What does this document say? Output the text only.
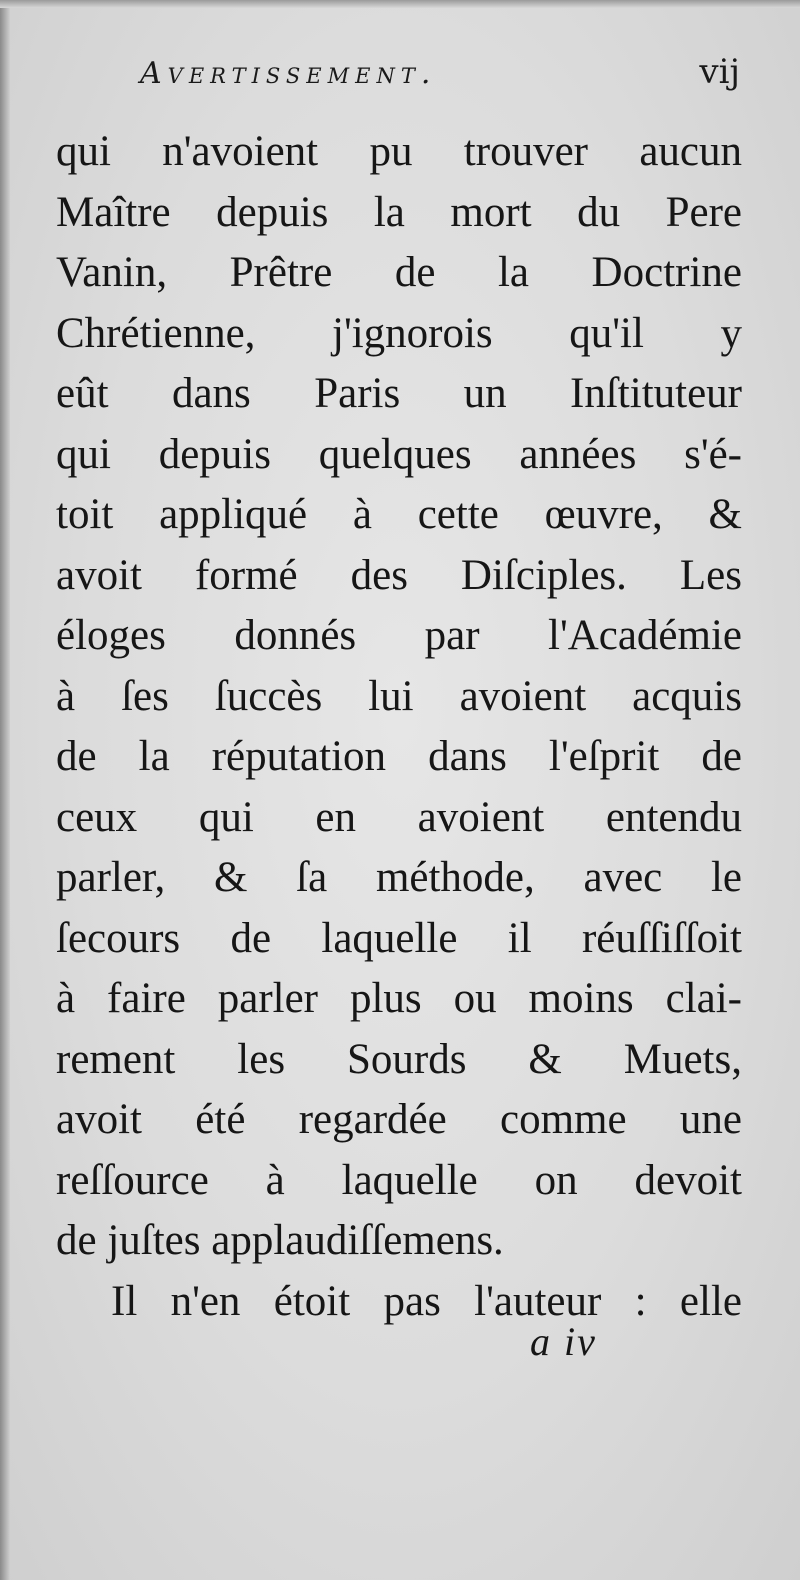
Avertissement.	vij
qui n'avoient pu trouver aucun
Maître depuis la mort du Pere
Vanin, Prêtre de la Doctrine
Chrétienne, j'ignorois qu'il y
eût dans Paris un Inſtituteur
qui depuis quelques années s'é-
toit appliqué à cette œuvre, &
avoit formé des Diſciples. Les
éloges donnés par l'Académie
à ſes ſuccès lui avoient acquis
de la réputation dans l'eſprit de
ceux qui en avoient entendu
parler, & ſa méthode, avec le
ſecours de laquelle il réuſſiſſoit
à faire parler plus ou moins clai-
rement les Sourds & Muets,
avoit été regardée comme une
reſſource à laquelle on devoit
de juſtes applaudiſſemens.
Il n'en étoit pas l'auteur : elle
a iv
